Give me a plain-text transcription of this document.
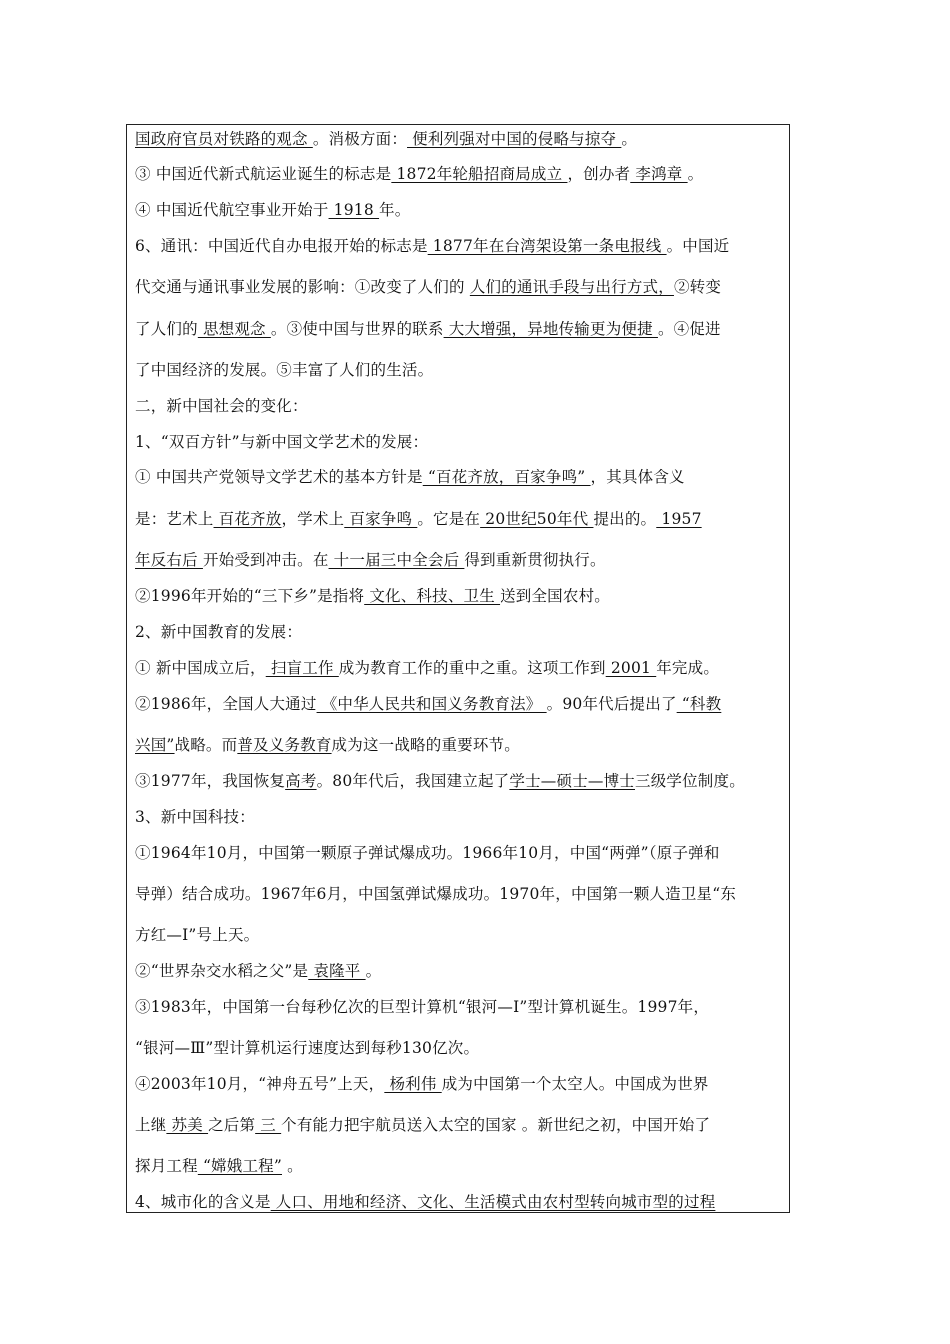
国政府官员对铁路的观念 。消极方面： 便利列强对中国的侵略与掠夺 。
③ 中国近代新式航运业诞生的标志是 1872年轮船招商局成立 ，创办者 李鸿章 。
④ 中国近代航空事业开始于 1918 年。
6、通讯：中国近代自办电报开始的标志是 1877年在台湾架设第一条电报线 。中国近
代交通与通讯事业发展的影响：①改变了人们的 人们的通讯手段与出行方式，②转变
了人们的 思想观念 。③使中国与世界的联系 大大增强，异地传输更为便捷 。④促进
了中国经济的发展。⑤丰富了人们的生活。
二，新中国社会的变化：
1、“双百方针”与新中国文学艺术的发展：
① 中国共产党领导文学艺术的基本方针是 “百花齐放，百家争鸣” ，其具体含义
是：艺术上 百花齐放，学术上 百家争鸣 。它是在 20世纪50年代 提出的。 1957
年反右后 开始受到冲击。在 十一届三中全会后 得到重新贯彻执行。
②1996年开始的“三下乡”是指将 文化、科技、卫生 送到全国农村。
2、新中国教育的发展：
① 新中国成立后， 扫盲工作 成为教育工作的重中之重。这项工作到 2001 年完成。
②1986年，全国人大通过 《中华人民共和国义务教育法》 。90年代后提出了 “科教
兴国”战略。而普及义务教育成为这一战略的重要环节。
③1977年，我国恢复高考。80年代后，我国建立起了学士—硕士—博士三级学位制度。
3、新中国科技：
①1964年10月，中国第一颗原子弹试爆成功。1966年10月，中国“两弹”（原子弹和
导弹）结合成功。1967年6月，中国氢弹试爆成功。1970年，中国第一颗人造卫星“东
方红—Ⅰ”号上天。
②“世界杂交水稻之父”是 袁隆平 。
③1983年，中国第一台每秒亿次的巨型计算机“银河—Ⅰ”型计算机诞生。1997年，
“银河—Ⅲ”型计算机运行速度达到每秒130亿次。
④2003年10月，“神舟五号”上天， 杨利伟 成为中国第一个太空人。中国成为世界
上继 苏美 之后第 三 个有能力把宇航员送入太空的国家 。新世纪之初，中国开始了
探月工程 “嫦娥工程” 。
4、城市化的含义是 人口、用地和经济、文化、生活模式由农村型转向城市型的过程
